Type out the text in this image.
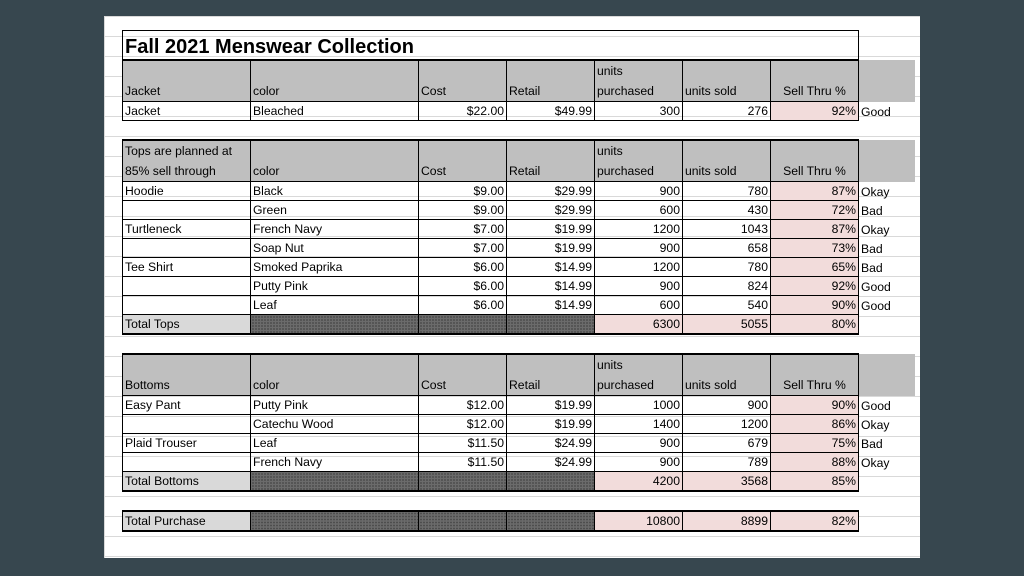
Fall 2021 Menswear Collection							
Jacket	color	Cost	Retail	units purchased	units sold	Sell Thru %	
Jacket	Bleached	$22.00	$49.99	300	276	92%	Good

Tops are planned at 85% sell through	color	Cost	Retail	units purchased	units sold	Sell Thru %	
Hoodie	Black	$9.00	$29.99	900	780	87%	Okay
	Green	$9.00	$29.99	600	430	72%	Bad
Turtleneck	French Navy	$7.00	$19.99	1200	1043	87%	Okay
	Soap Nut	$7.00	$19.99	900	658	73%	Bad
Tee Shirt	Smoked Paprika	$6.00	$14.99	1200	780	65%	Bad
	Putty Pink	$6.00	$14.99	900	824	92%	Good
	Leaf	$6.00	$14.99	600	540	90%	Good
Total Tops				6300	5055	80%	

Bottoms	color	Cost	Retail	units purchased	units sold	Sell Thru %	
Easy Pant	Putty Pink	$12.00	$19.99	1000	900	90%	Good
	Catechu Wood	$12.00	$19.99	1400	1200	86%	Okay
Plaid Trouser	Leaf	$11.50	$24.99	900	679	75%	Bad
	French Navy	$11.50	$24.99	900	789	88%	Okay
Total Bottoms				4200	3568	85%	

Total Purchase				10800	8899	82%	
